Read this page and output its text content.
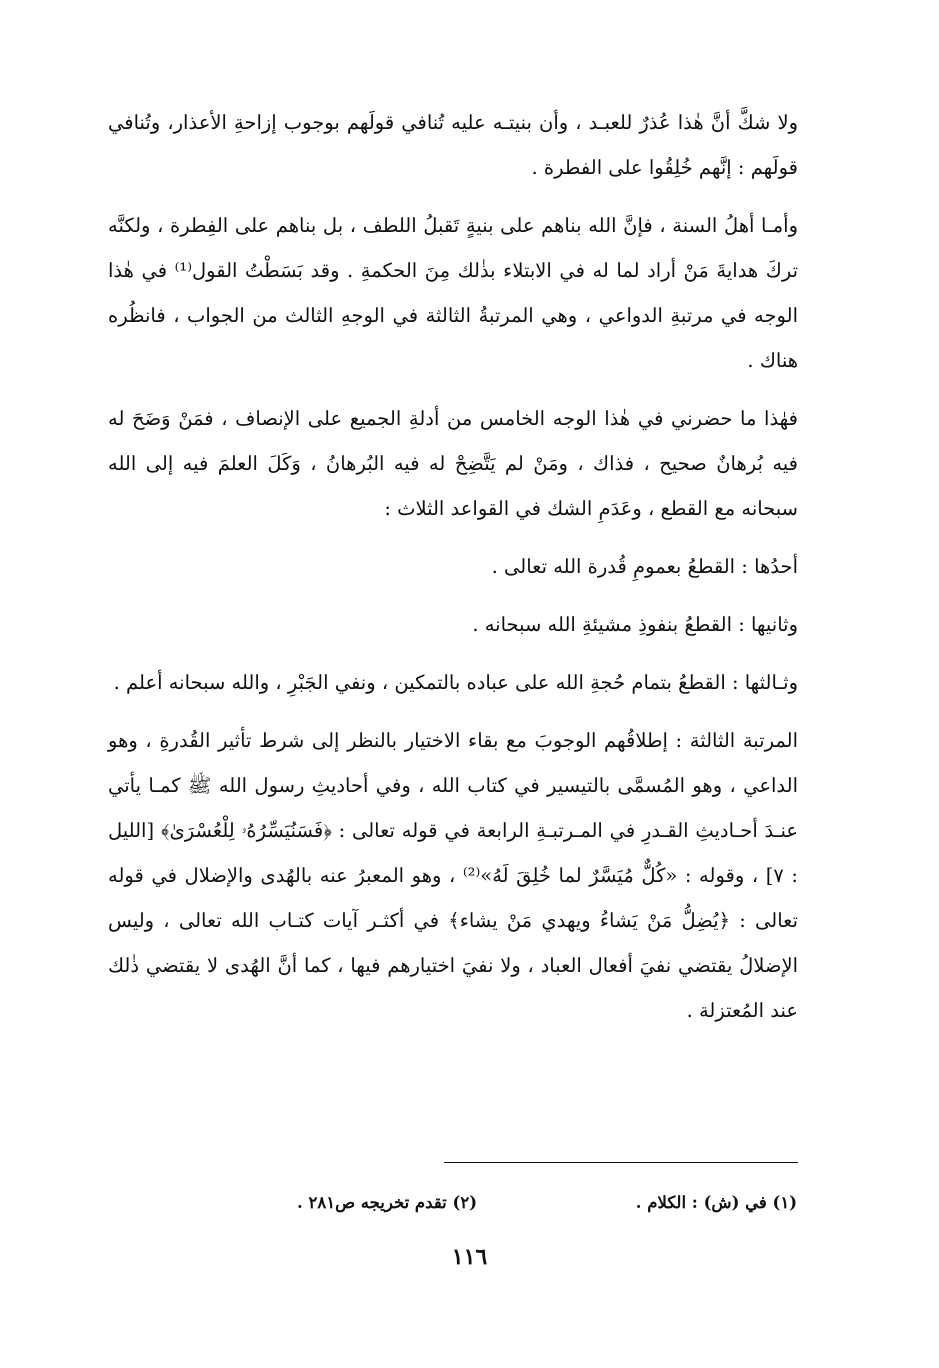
ولا شكَّ أنَّ هٰذا عُذرٌ للعبـد ، وأن بنيتـه عليه تُنافي قولَهم بوجوب إزاحةِ الأعذار، وتُنافي قولَهم : إنَّهم خُلِقُوا على الفطرة .

وأمـا أهلُ السنة ، فإنَّ الله بناهم على بنيةٍ تَقبلُ اللطف ، بل بناهم على الفِطرة ، ولكنَّه تركَ هدايةَ مَنْ أراد لما له في الابتلاء بذٰلك مِنَ الحكمةِ . وقد بَسَطْتُ القول⁽¹⁾ في هٰذا الوجه في مرتبةِ الدواعي ، وهي المرتبةُ الثالثة في الوجهِ الثالث من الجواب ، فانظُره هناك .

فهٰذا ما حضرني في هٰذا الوجه الخامس من أدلةِ الجميع على الإنصاف ، فمَنْ وَضَحَ له فيه بُرهانٌ صحيح ، فذاك ، ومَنْ لم يَتَّضِحْ له فيه البُرهانُ ، وَكَلَ العلمَ فيه إلى الله سبحانه مع القطع ، وعَدَمِ الشك في القواعد الثلاث :

أحدُها : القطعُ بعمومِ قُدرة الله تعالى .

وثانيها : القطعُ بنفوذِ مشيئةِ الله سبحانه .

وثـالثها : القطعُ بتمام حُجةِ الله على عباده بالتمكين ، ونفي الجَبْرِ ، والله سبحانه أعلم .

المرتبة الثالثة : إطلاقُهم الوجوبَ مع بقاء الاختيار بالنظر إلى شرط تأثير القُدرةِ ، وهو الداعي ، وهو المُسمَّى بالتيسير في كتاب الله ، وفي أحاديثِ رسول الله ﷺ كمـا يأتي عنـدَ أحـاديثِ القـدرِ في المـرتبـةِ الرابعة في قوله تعالى : ﴿فَسَنُيَسِّرُهُۥ لِلْعُسْرَىٰ﴾ [الليل : ٧] ، وقوله : «كُلٌّ مُيَسَّرٌ لما خُلِقَ لَهُ»⁽²⁾ ، وهو المعبرُ عنه بالهُدى والإضلال في قوله تعالى : ﴿يُضِلُّ مَنْ يَشاءُ ويهدي مَنْ يشاء﴾ في أكثـر آيات كتـاب الله تعالى ، وليس الإضلالُ يقتضي نفيَ أفعال العباد ، ولا نفيَ اختيارهم فيها ، كما أنَّ الهُدى لا يقتضي ذٰلك عند المُعتزلة .

(١) في (ش) : الكلام .
(٢) تقدم تخريجه ص٢٨١ .
١١٦
